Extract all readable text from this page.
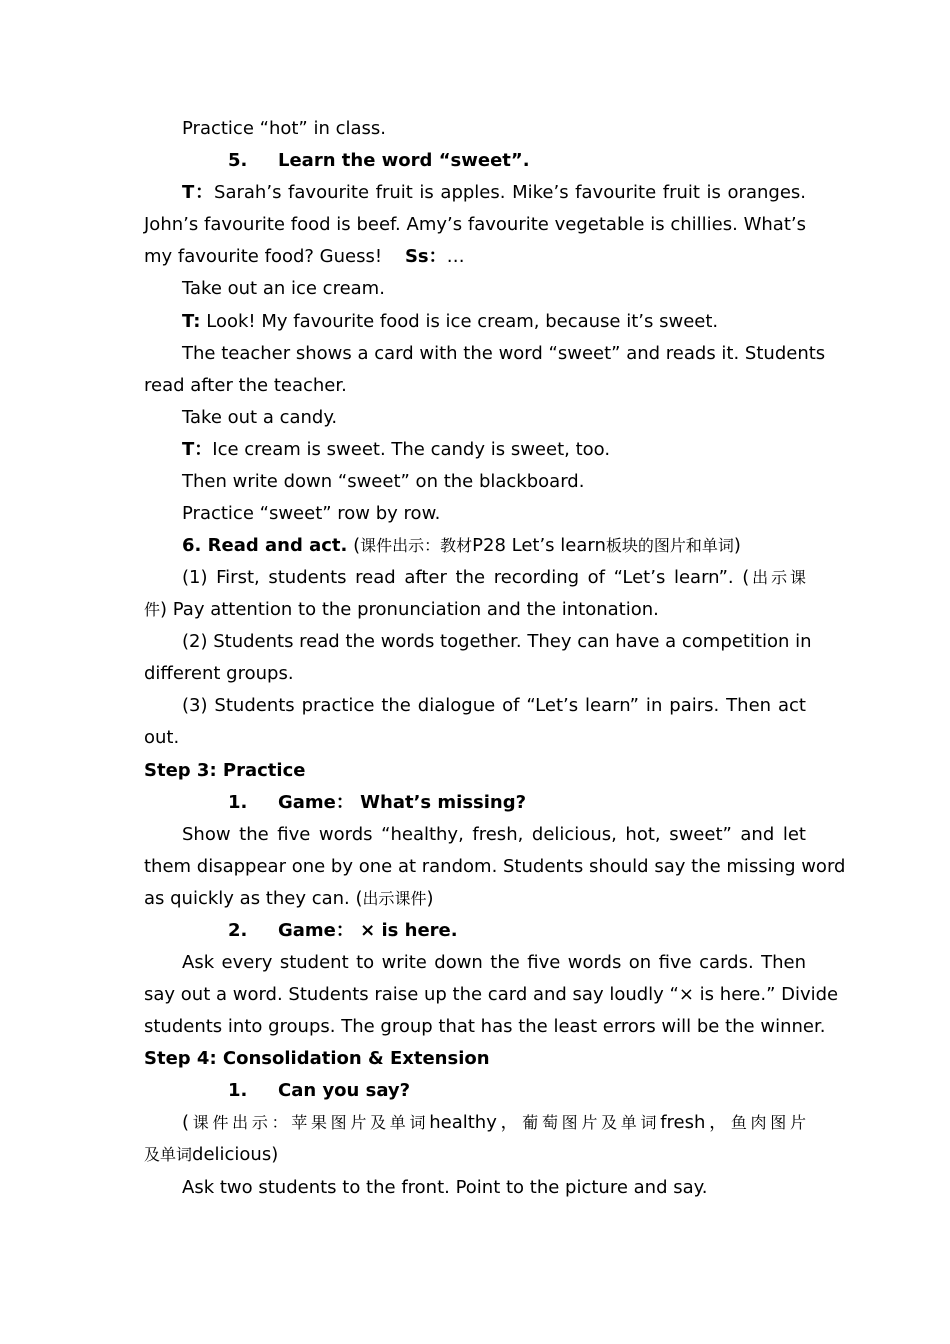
Practice “hot” in class.
5. Learn the word “sweet”.
T：Sarah’s favourite fruit is apples. Mike’s favourite fruit is oranges.
John’s favourite food is beef. Amy’s favourite vegetable is chillies. What’s
my favourite food? Guess! Ss：…
Take out an ice cream.
T: Look! My favourite food is ice cream, because it’s sweet.
The teacher shows a card with the word “sweet” and reads it. Students
read after the teacher.
Take out a candy.
T：Ice cream is sweet. The candy is sweet, too.
Then write down “sweet” on the blackboard.
Practice “sweet” row by row.
6. Read and act. (课件出示：教材P28 Let’s learn板块的图片和单词)
(1) First, students read after the recording of “Let’s learn”. (出示课
件) Pay attention to the pronunciation and the intonation.
(2) Students read the words together. They can have a competition in
different groups.
(3) Students practice the dialogue of “Let’s learn” in pairs. Then act
out.
Step 3: Practice
1. Game： What’s missing?
Show the five words “healthy, fresh, delicious, hot, sweet” and let
them disappear one by one at random. Students should say the missing word
as quickly as they can. (出示课件)
2. Game： × is here.
Ask every student to write down the five words on five cards. Then
say out a word. Students raise up the card and say loudly “× is here.” Divide
students into groups. The group that has the least errors will be the winner.
Step 4: Consolidation & Extension
1. Can you say?
(课件出示：苹果图片及单词healthy，葡萄图片及单词fresh，鱼肉图片
及单词delicious)
Ask two students to the front. Point to the picture and say.
